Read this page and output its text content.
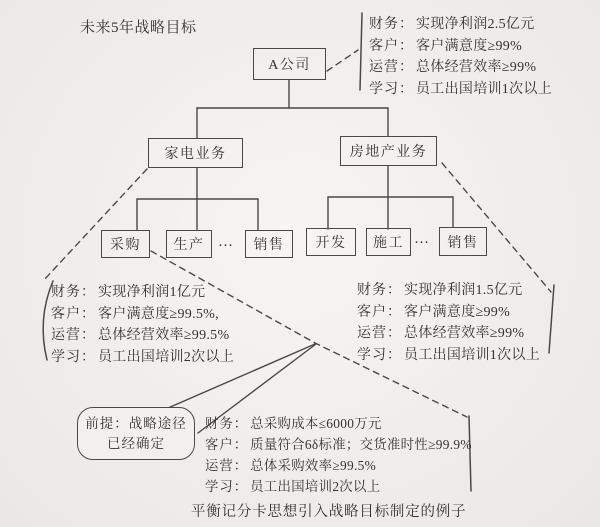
未来5年战略目标
A公司
家电业务	房地产业务
采购 生产 … 销售 开发 施工 … 销售
财务： 实现净利润2.5亿元
客户： 客户满意度≥99%
运营： 总体经营效率≥99%
学习： 员工出国培训1次以上
财务： 实现净利润1亿元
客户： 客户满意度≥99.5%,
运营： 总体经营效率≥99.5%
学习： 员工出国培训2次以上
财务： 实现净利润1.5亿元
客户： 客户满意度≥99%
运营： 总体经营效率≥99%
学习： 员工出国培训1次以上
财务： 总采购成本≤6000万元
客户： 质量符合6δ标准；交货准时性≥99.9%
运营： 总体采购效率≥99.5%
学习： 员工出国培训2次以上
前提：战略途径
已经确定
平衡记分卡思想引入战略目标制定的例子
